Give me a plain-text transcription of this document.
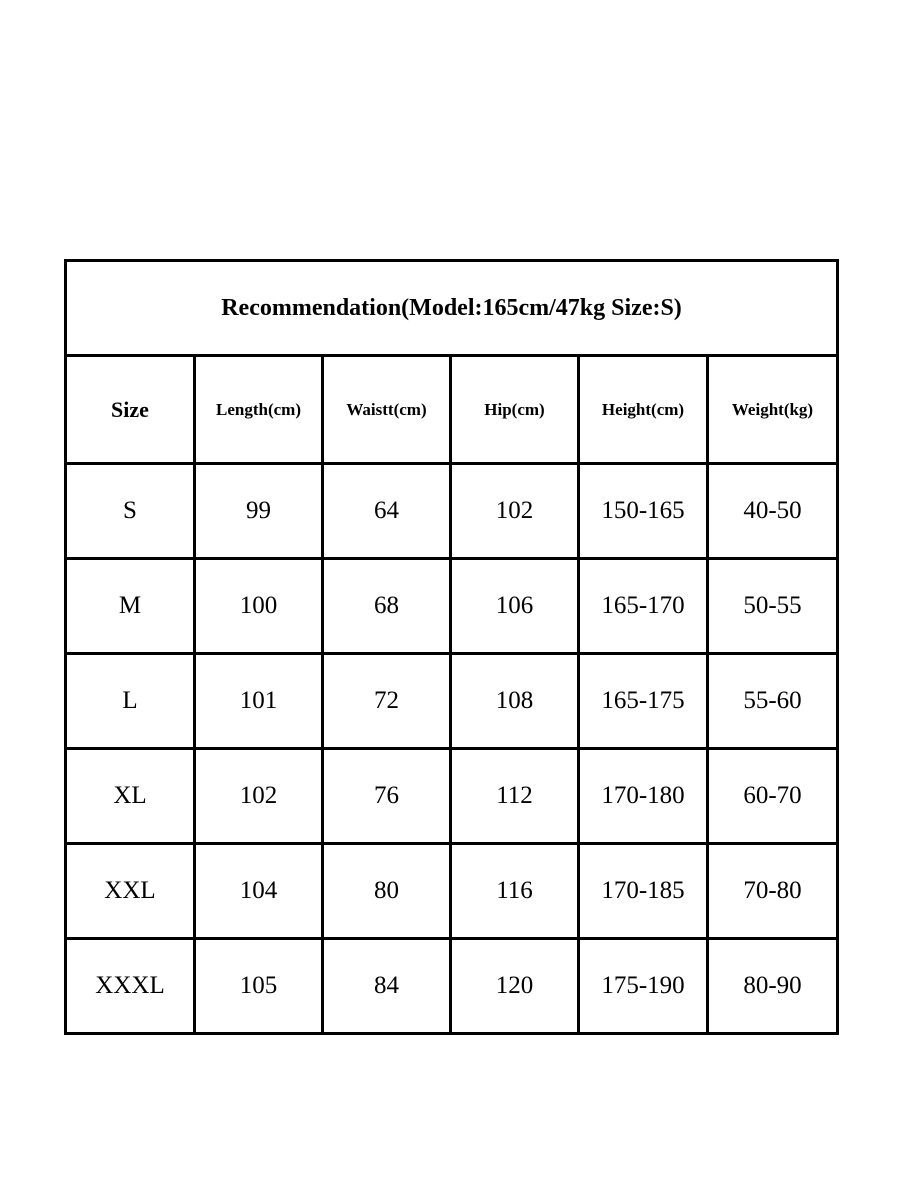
Recommendation(Model:165cm/47kg Size:S)					
Size	Length(cm)	Waistt(cm)	Hip(cm)	Height(cm)	Weight(kg)
S	99	64	102	150-165	40-50
M	100	68	106	165-170	50-55
L	101	72	108	165-175	55-60
XL	102	76	112	170-180	60-70
XXL	104	80	116	170-185	70-80
XXXL	105	84	120	175-190	80-90
